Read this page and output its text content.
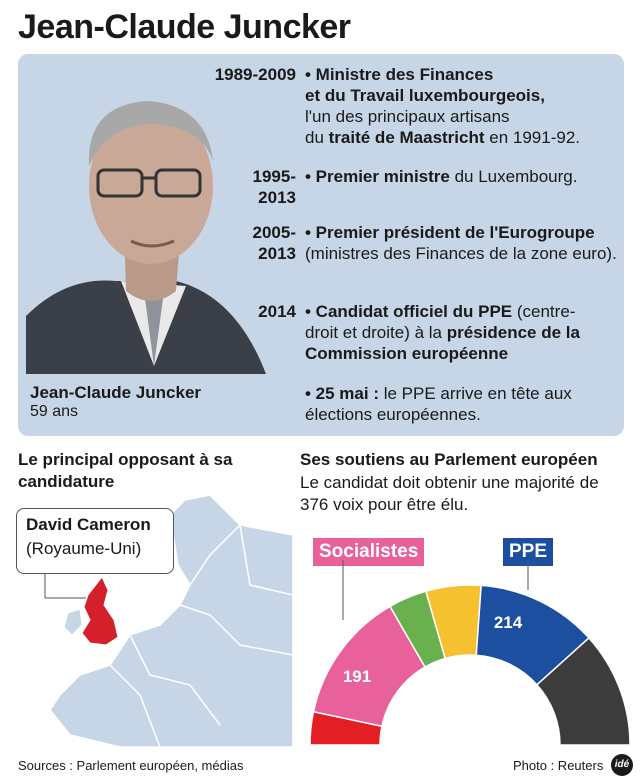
Jean-Claude Juncker
Jean-Claude Juncker
59 ans
1989-2009 • Ministre des Finances
et du Travail luxembourgeois,
l'un des principaux artisans
du traité de Maastricht en 1991-92.
1995-
2013
• Premier ministre du Luxembourg.
2005-
2013
• Premier président de l'Eurogroupe
(ministres des Finances de la zone euro).
2014 • Candidat officiel du PPE (centre-droit et droite) à la présidence de la Commission européenne
• 25 mai : le PPE arrive en tête aux élections européennes.
Le principal opposant à sa candidature
David Cameron
(Royaume-Uni)
Ses soutiens au Parlement européen
Le candidat doit obtenir une majorité de 376 voix pour être élu.
Socialistes	PPE
191
214
Sources : Parlement européen, médias	Photo : Reuters	idé
